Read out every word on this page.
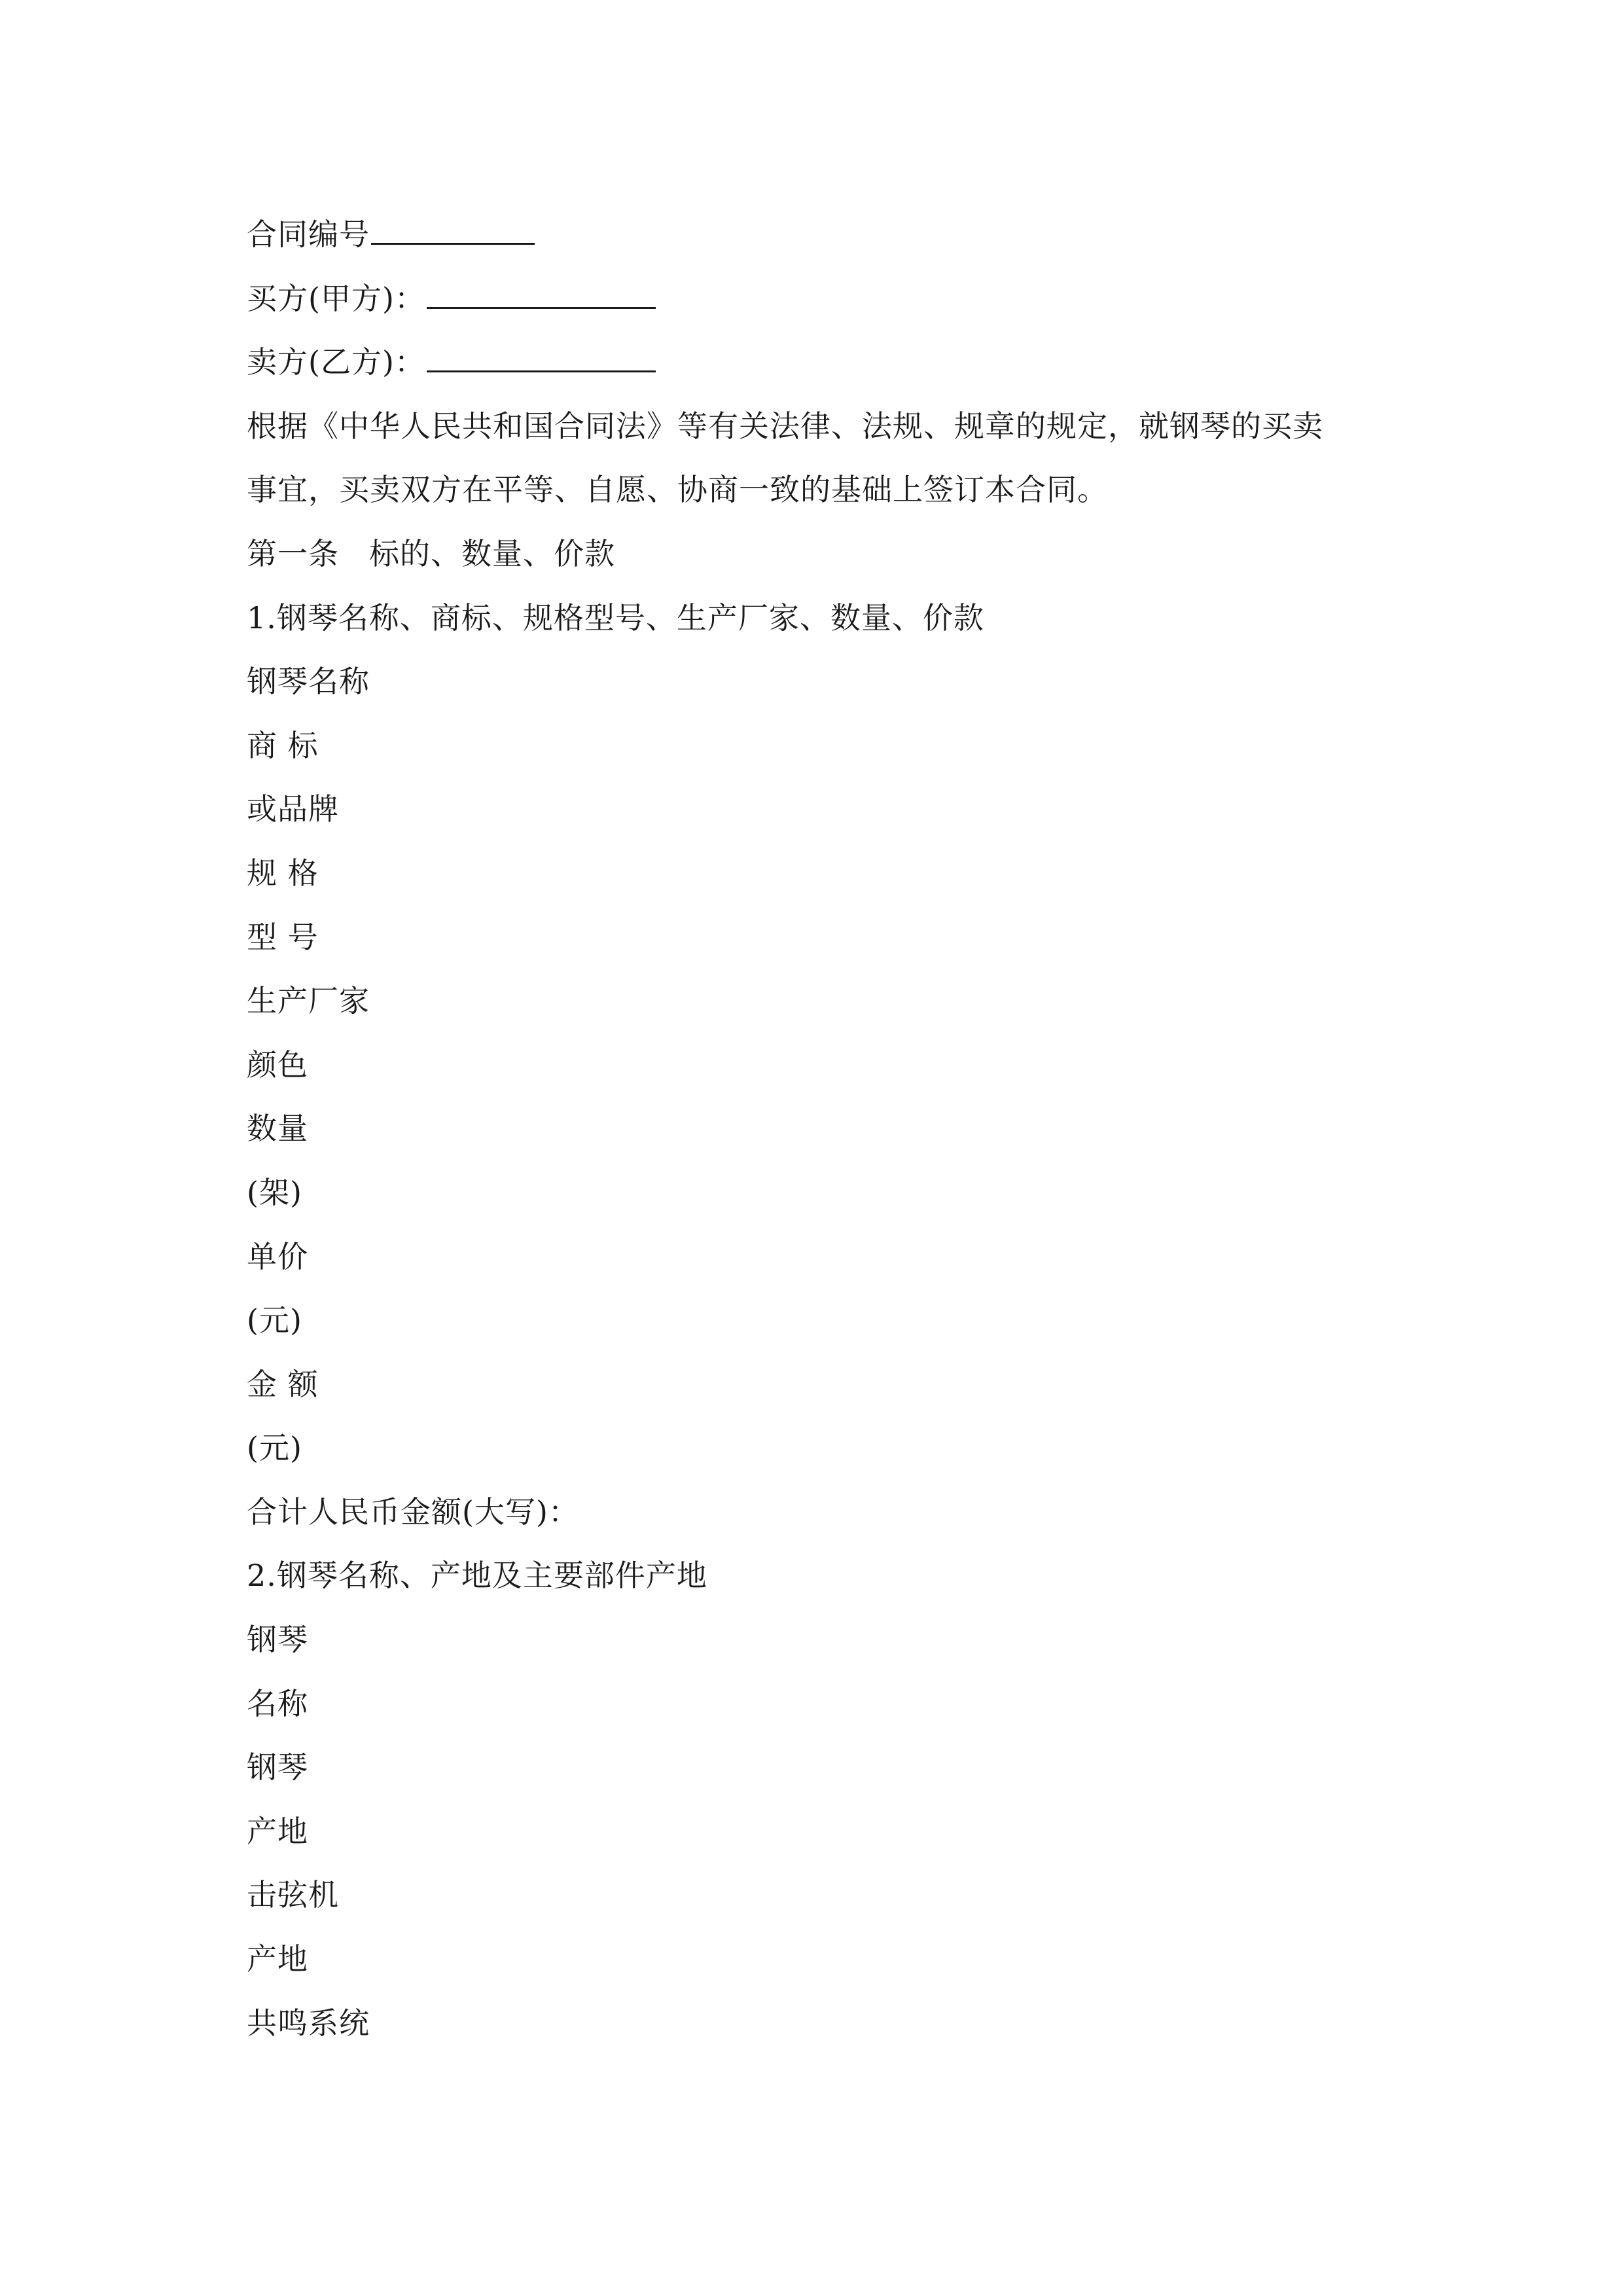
合同编号
买方(甲方)：
卖方(乙方)：
根据《中华人民共和国合同法》等有关法律、法规、规章的规定，就钢琴的买卖
事宜，买卖双方在平等、自愿、协商一致的基础上签订本合同。
第一条 标的、数量、价款
1.钢琴名称、商标、规格型号、生产厂家、数量、价款
钢琴名称
商 标
或品牌
规 格
型 号
生产厂家
颜色
数量
(架)
单价
(元)
金 额
(元)
合计人民币金额(大写)：
2.钢琴名称、产地及主要部件产地
钢琴
名称
钢琴
产地
击弦机
产地
共鸣系统
